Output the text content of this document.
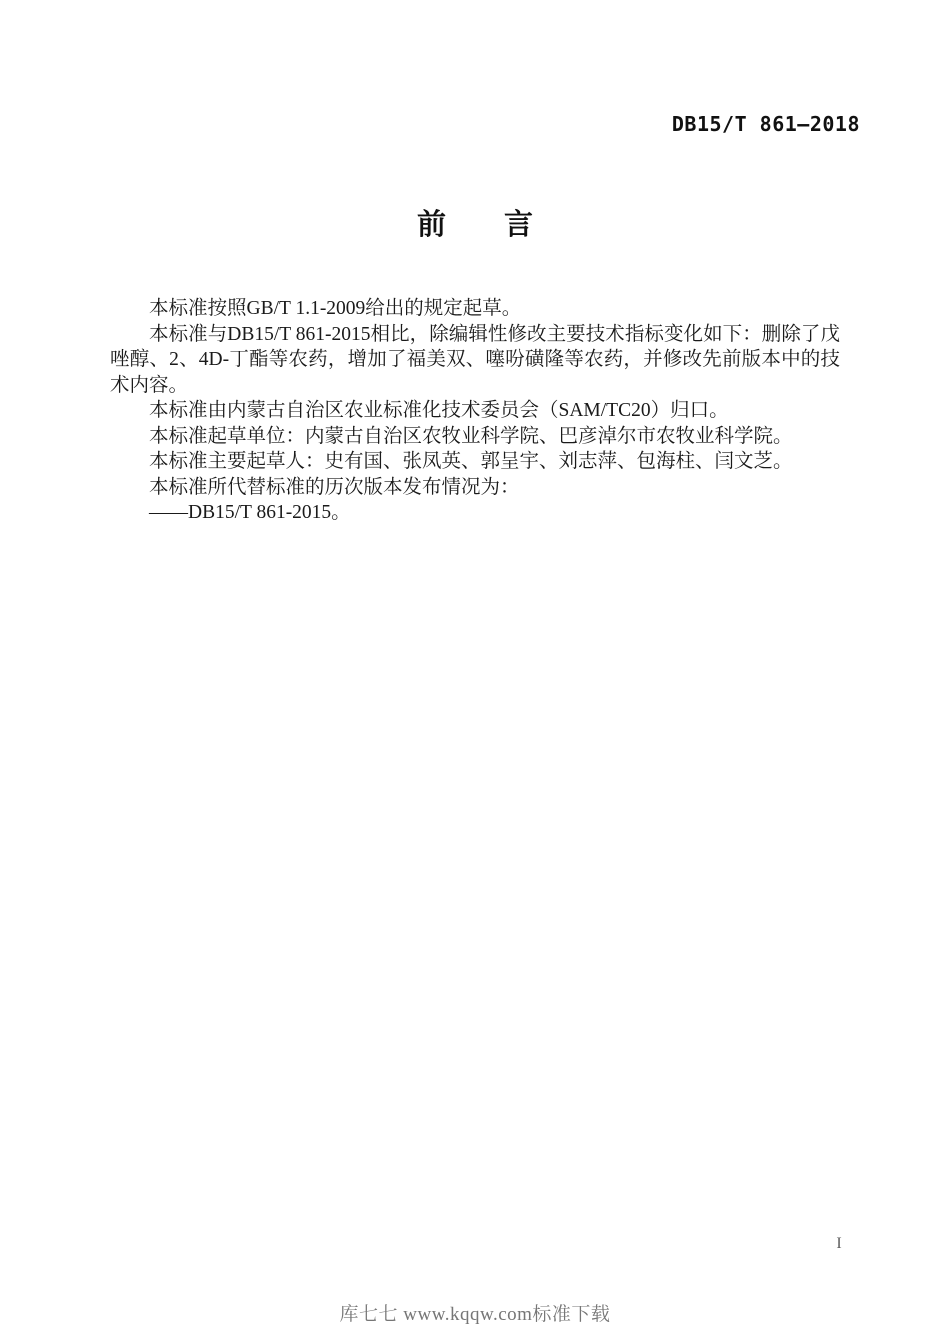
DB15/T 861—2018
前　　言

本标准按照GB/T 1.1-2009给出的规定起草。

本标准与DB15/T 861-2015相比，除编辑性修改主要技术指标变化如下：删除了戊唑醇、2、4D-丁酯等农药，增加了福美双、噻吩磺隆等农药，并修改先前版本中的技术内容。

本标准由内蒙古自治区农业标准化技术委员会（SAM/TC20）归口。

本标准起草单位：内蒙古自治区农牧业科学院、巴彦淖尔市农牧业科学院。

本标准主要起草人：史有国、张凤英、郭呈宇、刘志萍、包海柱、闫文芝。

本标准所代替标准的历次版本发布情况为：

——DB15/T 861-2015。

I
库七七 www.kqqw.com标准下载
